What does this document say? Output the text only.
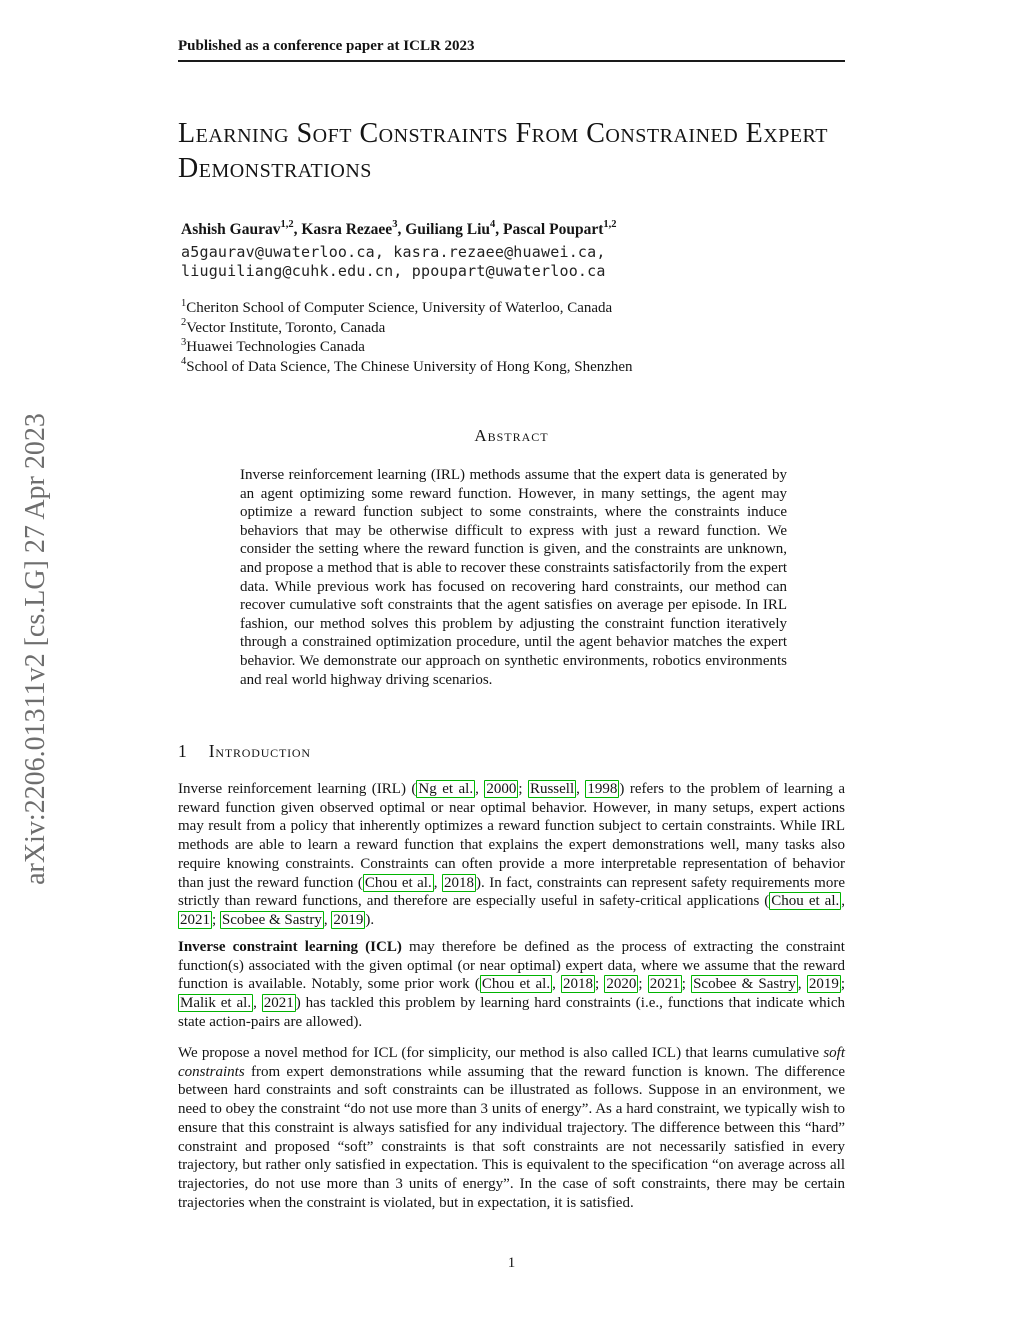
arXiv:2206.01311v2 [cs.LG] 27 Apr 2023
Published as a conference paper at ICLR 2023
Learning Soft Constraints From Constrained Expert Demonstrations
Ashish Gaurav$^{1,2}$, Kasra Rezaee$^3$, Guiliang Liu$^4$, Pascal Poupart$^{1,2}$
a5gaurav@uwaterloo.ca, kasra.rezaee@huawei.ca,
liuguiliang@cuhk.edu.cn, ppoupart@uwaterloo.ca
$^1$Cheriton School of Computer Science, University of Waterloo, Canada
$^2$Vector Institute, Toronto, Canada
$^3$Huawei Technologies Canada
$^4$School of Data Science, The Chinese University of Hong Kong, Shenzhen
Abstract
Inverse reinforcement learning (IRL) methods assume that the expert data is generated by an agent optimizing some reward function. However, in many settings, the agent may optimize a reward function subject to some constraints, where the constraints induce behaviors that may be otherwise difficult to express with just a reward function. We consider the setting where the reward function is given, and the constraints are unknown, and propose a method that is able to recover these constraints satisfactorily from the expert data. While previous work has focused on recovering hard constraints, our method can recover cumulative soft constraints that the agent satisfies on average per episode. In IRL fashion, our method solves this problem by adjusting the constraint function iteratively through a constrained optimization procedure, until the agent behavior matches the expert behavior. We demonstrate our approach on synthetic environments, robotics environments and real world highway driving scenarios.
1 Introduction

Inverse reinforcement learning (IRL) ( Ng et al. , 2000 ; Russell , 1998 ) refers to the problem of learning a reward function given observed optimal or near optimal behavior. However, in many setups, expert actions may result from a policy that inherently optimizes a reward function subject to certain constraints. While IRL methods are able to learn a reward function that explains the expert demonstrations well, many tasks also require knowing constraints. Constraints can often provide a more interpretable representation of behavior than just the reward function ( Chou et al. , 2018 ). In fact, constraints can represent safety requirements more strictly than reward functions, and therefore are especially useful in safety-critical applications ( Chou et al. , 2021 ; Scobee & Sastry , 2019 ).

Inverse constraint learning (ICL) may therefore be defined as the process of extracting the constraint function(s) associated with the given optimal (or near optimal) expert data, where we assume that the reward function is available. Notably, some prior work ( Chou et al. , 2018 ; 2020 ; 2021 ; Scobee & Sastry , 2019 ; Malik et al. , 2021 ) has tackled this problem by learning hard constraints (i.e., functions that indicate which state action-pairs are allowed).

We propose a novel method for ICL (for simplicity, our method is also called ICL) that learns cumulative soft constraints from expert demonstrations while assuming that the reward function is known. The difference between hard constraints and soft constraints can be illustrated as follows. Suppose in an environment, we need to obey the constraint “do not use more than 3 units of energy”. As a hard constraint, we typically wish to ensure that this constraint is always satisfied for any individual trajectory. The difference between this “hard” constraint and proposed “soft” constraints is that soft constraints are not necessarily satisfied in every trajectory, but rather only satisfied in expectation. This is equivalent to the specification “on average across all trajectories, do not use more than 3 units of energy”. In the case of soft constraints, there may be certain trajectories when the constraint is violated, but in expectation, it is satisfied.

1
